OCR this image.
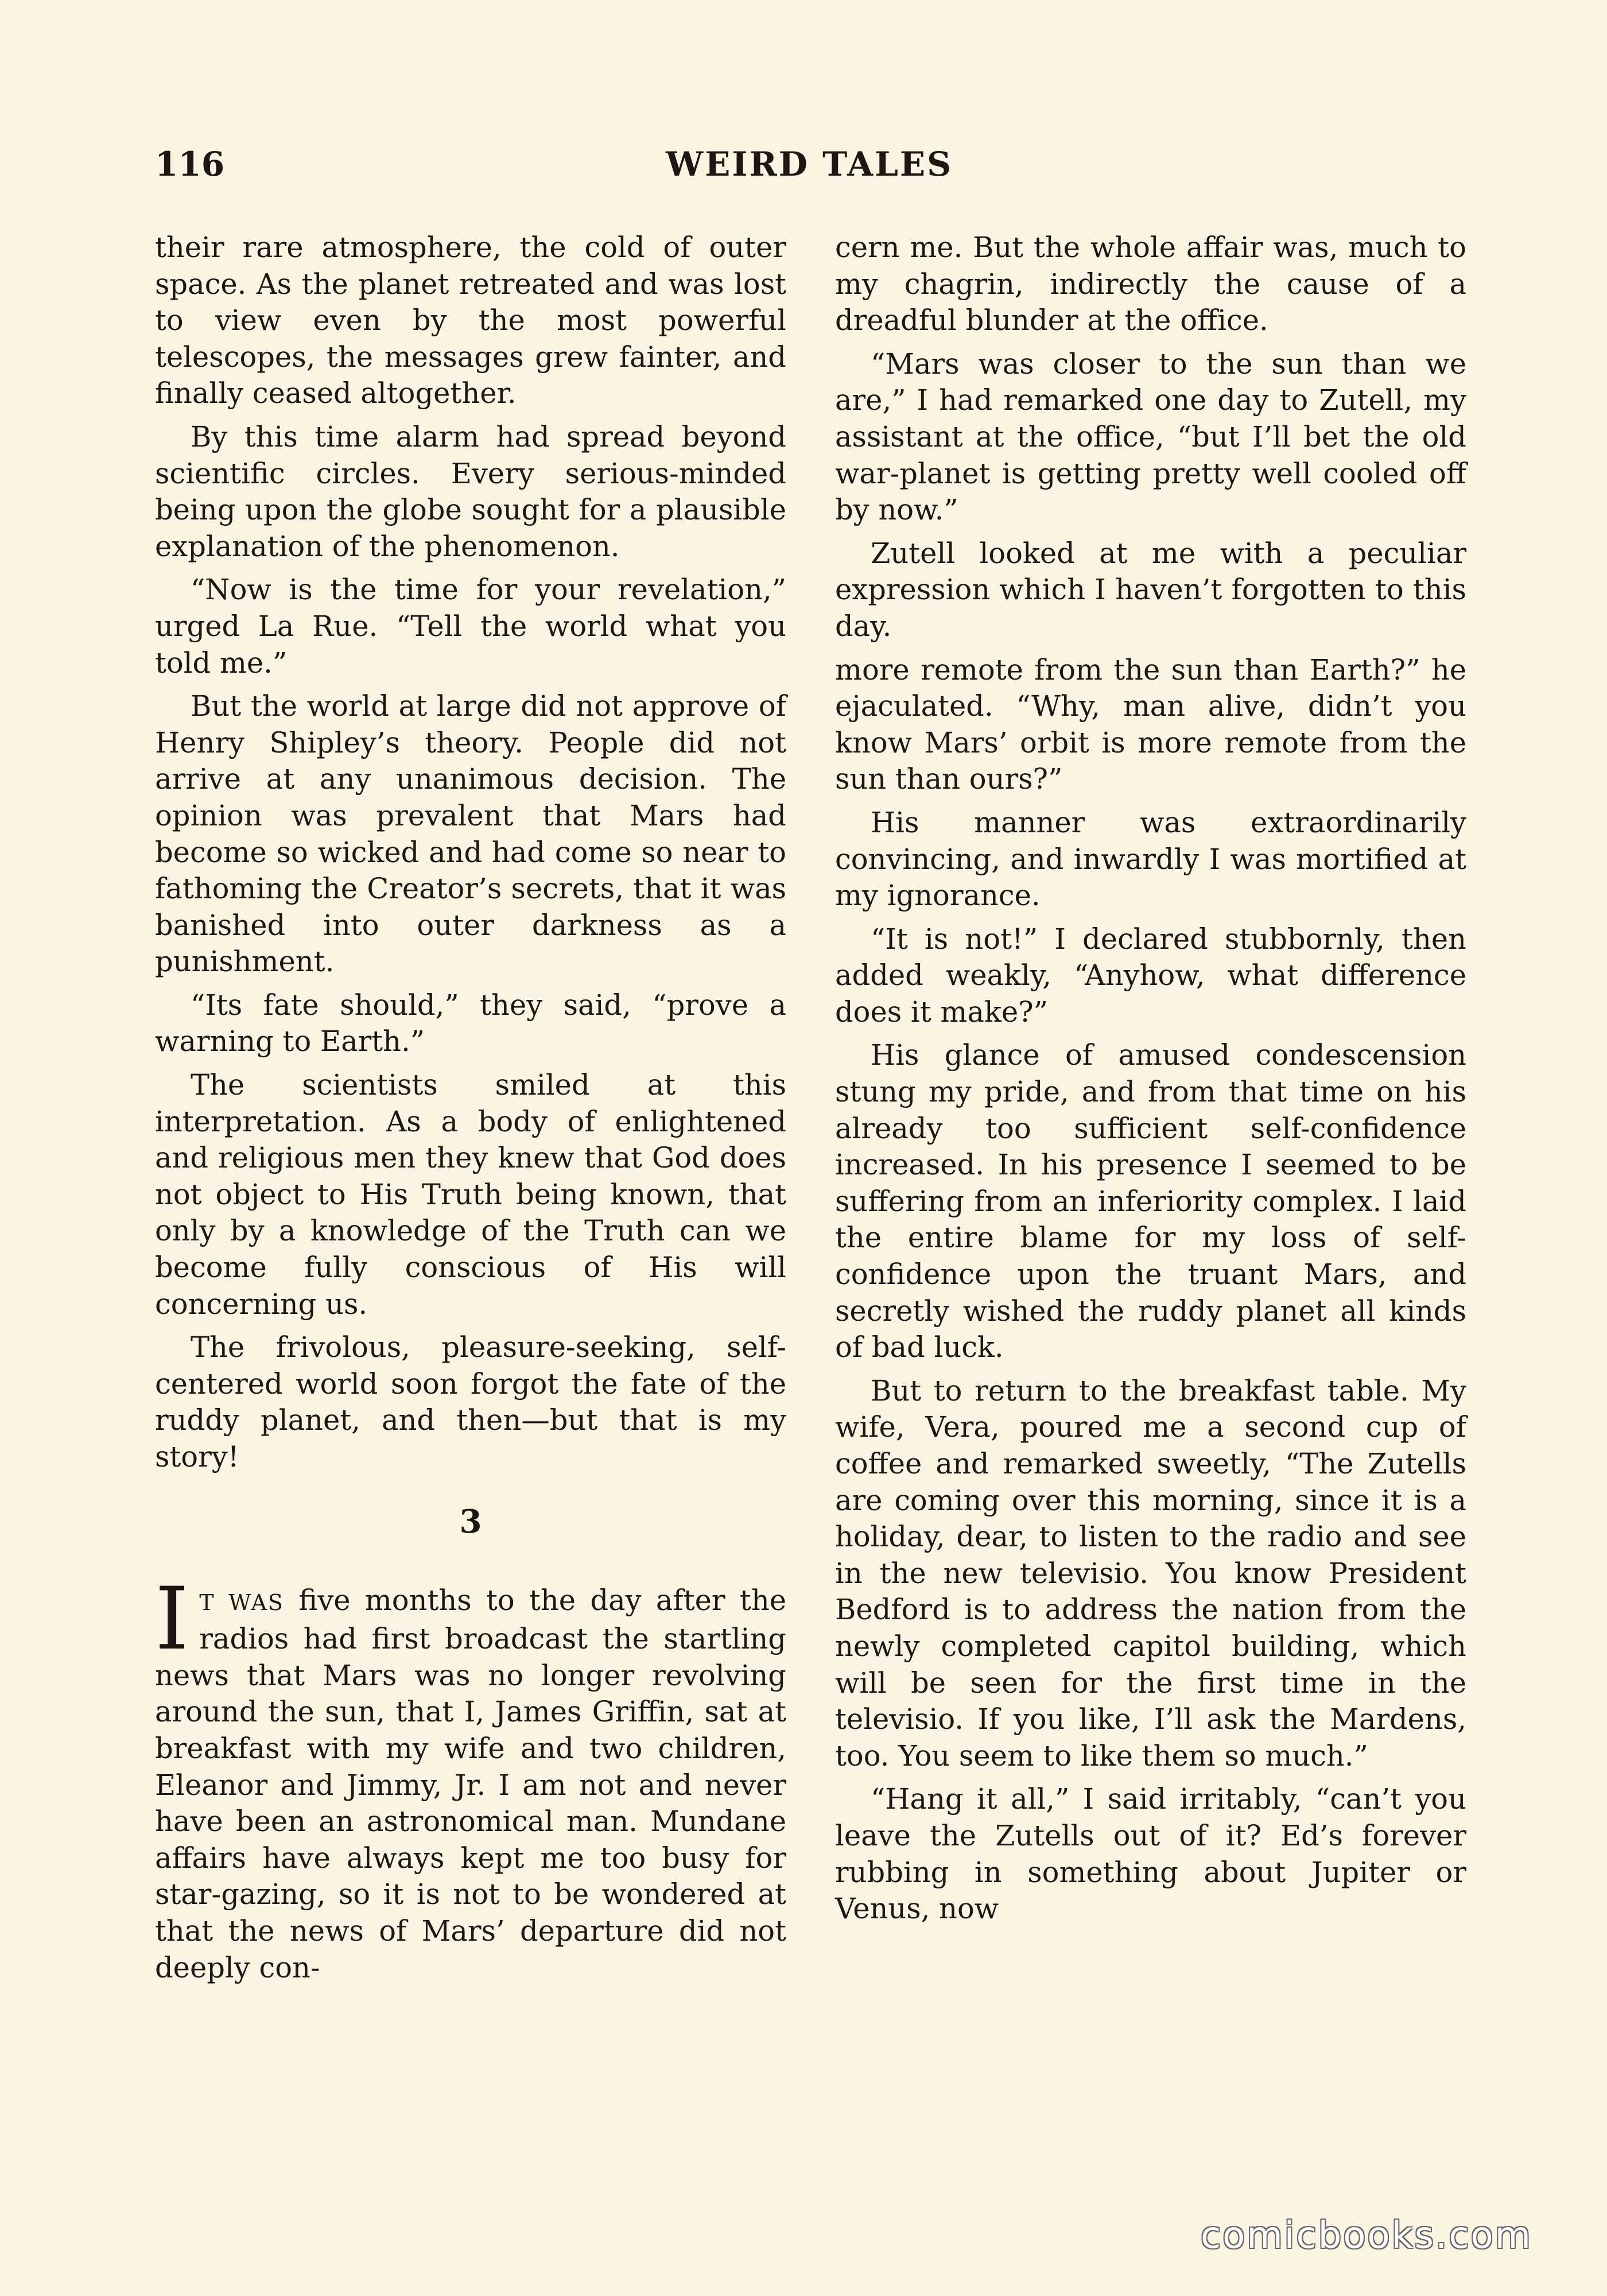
116	WEIRD TALES

their rare atmosphere, the cold of outer space. As the planet retreated and was lost to view even by the most powerful telescopes, the messages grew fainter, and finally ceased altogether.

By this time alarm had spread beyond scientific circles. Every serious-minded being upon the globe sought for a plausible explanation of the phenomenon.

“Now is the time for your revelation,” urged La Rue. “Tell the world what you told me.”

But the world at large did not approve of Henry Shipley’s theory. People did not arrive at any unanimous decision. The opinion was prevalent that Mars had become so wicked and had come so near to fathoming the Creator’s secrets, that it was banished into outer darkness as a punishment.

“Its fate should,” they said, “prove a warning to Earth.”

The scientists smiled at this interpretation. As a body of enlightened and religious men they knew that God does not object to His Truth being known, that only by a knowledge of the Truth can we become fully conscious of His will concerning us.

The frivolous, pleasure-seeking, self-centered world soon forgot the fate of the ruddy planet, and then—but that is my story!

3

I T WAS five months to the day after the radios had first broadcast the startling news that Mars was no longer revolving around the sun, that I, James Griffin, sat at breakfast with my wife and two children, Eleanor and Jimmy, Jr. I am not and never have been an astronomical man. Mundane affairs have always kept me too busy for star-gazing, so it is not to be wondered at that the news of Mars’ departure did not deeply con-

cern me. But the whole affair was, much to my chagrin, indirectly the cause of a dreadful blunder at the office.

“Mars was closer to the sun than we are,” I had remarked one day to Zutell, my assistant at the office, “but I’ll bet the old war-planet is getting pretty well cooled off by now.”

Zutell looked at me with a peculiar expression which I haven’t forgotten to this day.

more remote from the sun than Earth?” he ejaculated. “Why, man alive, didn’t you know Mars’ orbit is more remote from the sun than ours?”

His manner was extraordinarily convincing, and inwardly I was mortified at my ignorance.

“It is not!” I declared stubbornly, then added weakly, “Anyhow, what difference does it make?”

His glance of amused condescension stung my pride, and from that time on his already too sufficient self-confidence increased. In his presence I seemed to be suffering from an inferiority complex. I laid the entire blame for my loss of self-confidence upon the truant Mars, and secretly wished the ruddy planet all kinds of bad luck.

But to return to the breakfast table. My wife, Vera, poured me a second cup of coffee and remarked sweetly, “The Zutells are coming over this morning, since it is a holiday, dear, to listen to the radio and see in the new televisio. You know President Bedford is to address the nation from the newly completed capitol building, which will be seen for the first time in the televisio. If you like, I’ll ask the Mardens, too. You seem to like them so much.”

“Hang it all,” I said irritably, “can’t you leave the Zutells out of it? Ed’s forever rubbing in something about Jupiter or Venus, now

comicbooks.com
